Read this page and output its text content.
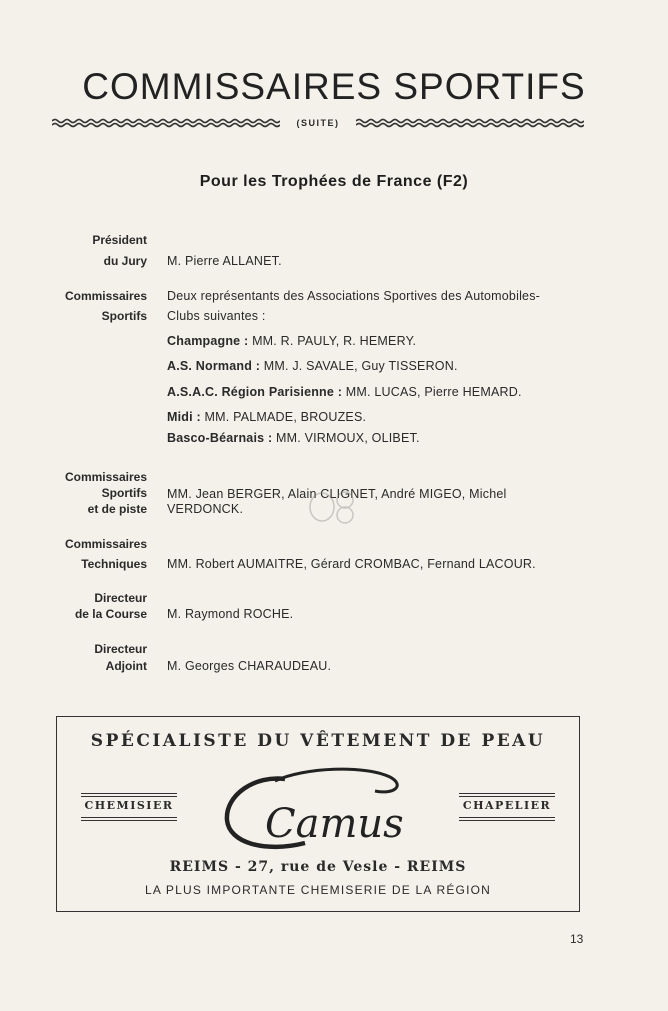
COMMISSAIRES SPORTIFS
(SUITE)
Pour les Trophées de France (F2)
Président
du Jury M. Pierre ALLANET.
Commissaires
Sportifs
Deux représentants des Associations Sportives des Automobiles-
Clubs suivantes :
Champagne : MM. R. PAULY, R. HEMERY.
A.S. Normand : MM. J. SAVALE, Guy TISSERON.
A.S.A.C. Région Parisienne : MM. LUCAS, Pierre HEMARD.
Midi : MM. PALMADE, BROUZES.
Basco-Béarnais : MM. VIRMOUX, OLIBET.
Commissaires
Sportifs
et de piste
MM. Jean BERGER, Alain CLIGNET, André MIGEO, Michel
VERDONCK.
Commissaires
Techniques MM. Robert AUMAITRE, Gérard CROMBAC, Fernand LACOUR.
Directeur
de la Course M. Raymond ROCHE.
Directeur
Adjoint M. Georges CHARAUDEAU.
SPÉCIALISTE DU VÊTEMENT DE PEAU
CHEMISIER	CHAPELIER
Camus
REIMS - 27, rue de Vesle - REIMS
LA PLUS IMPORTANTE CHEMISERIE DE LA RÉGION
13
